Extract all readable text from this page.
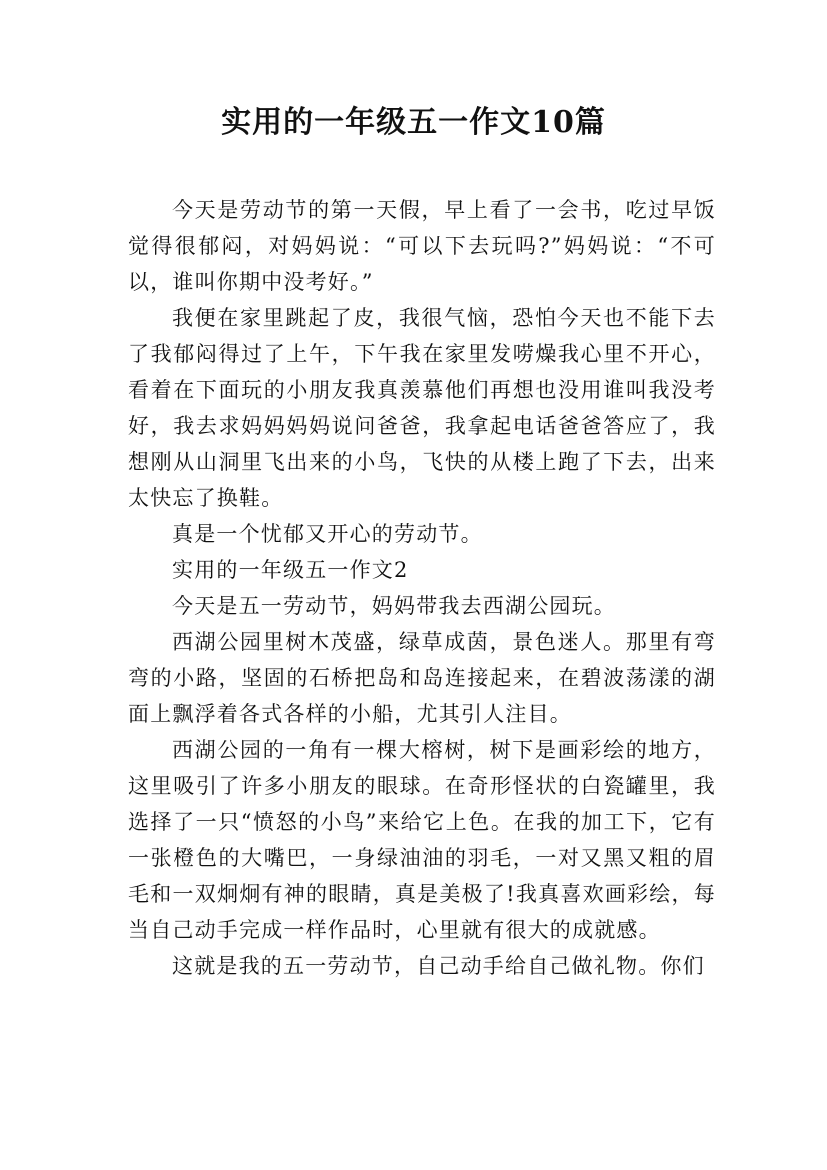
实用的一年级五一作文10篇

今天是劳动节的第一天假，早上看了一会书，吃过早饭觉得很郁闷，对妈妈说：“可以下去玩吗?”妈妈说：“不可以，谁叫你期中没考好。”

我便在家里跳起了皮，我很气恼，恐怕今天也不能下去了我郁闷得过了上午，下午我在家里发唠燥我心里不开心，看着在下面玩的小朋友我真羡慕他们再想也没用谁叫我没考好，我去求妈妈妈妈说问爸爸，我拿起电话爸爸答应了，我想刚从山洞里飞出来的小鸟，飞快的从楼上跑了下去，出来太快忘了换鞋。

真是一个忧郁又开心的劳动节。

实用的一年级五一作文2

今天是五一劳动节，妈妈带我去西湖公园玩。

西湖公园里树木茂盛，绿草成茵，景色迷人。那里有弯弯的小路，坚固的石桥把岛和岛连接起来，在碧波荡漾的湖面上飘浮着各式各样的小船，尤其引人注目。

西湖公园的一角有一棵大榕树，树下是画彩绘的地方，这里吸引了许多小朋友的眼球。在奇形怪状的白瓷罐里，我选择了一只“愤怒的小鸟”来给它上色。在我的加工下，它有一张橙色的大嘴巴，一身绿油油的羽毛，一对又黑又粗的眉毛和一双炯炯有神的眼睛，真是美极了!我真喜欢画彩绘，每当自己动手完成一样作品时，心里就有很大的成就感。

这就是我的五一劳动节，自己动手给自己做礼物。你们
